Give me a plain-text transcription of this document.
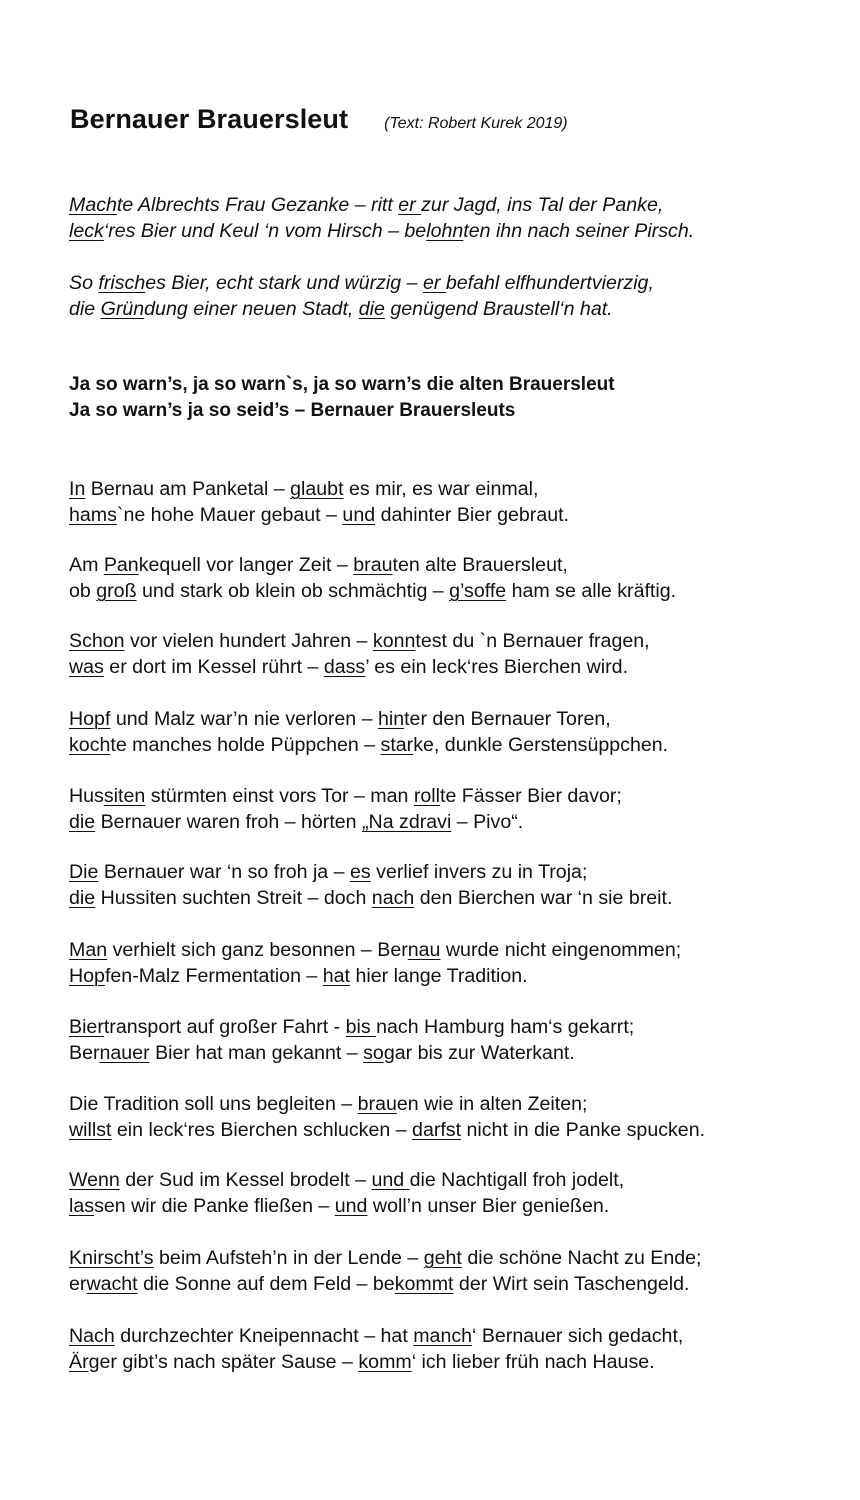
Bernauer Brauersleut (Text: Robert Kurek 2019)
Machte Albrechts Frau Gezanke – ritt er zur Jagd, ins Tal der Panke,
leck‘res Bier und Keul ‘n vom Hirsch – belohnten ihn nach seiner Pirsch.
So frisches Bier, echt stark und würzig – er befahl elfhundertvierzig,
die Gründung einer neuen Stadt, die genügend Braustell‘n hat.
Ja so warn’s, ja so warn`s, ja so warn’s die alten Brauersleut
Ja so warn’s ja so seid’s – Bernauer Brauersleuts
In Bernau am Panketal – glaubt es mir, es war einmal,
hams`ne hohe Mauer gebaut – und dahinter Bier gebraut.
Am Pankequell vor langer Zeit – brauten alte Brauersleut,
ob groß und stark ob klein ob schmächtig – g’soffe ham se alle kräftig.
Schon vor vielen hundert Jahren – konntest du `n Bernauer fragen,
was er dort im Kessel rührt – dass’ es ein leck‘res Bierchen wird.
Hopf und Malz war’n nie verloren – hinter den Bernauer Toren,
kochte manches holde Püppchen – starke, dunkle Gerstensüppchen.
Hussiten stürmten einst vors Tor – man rollte Fässer Bier davor;
die Bernauer waren froh – hörten „Na zdravi – Pivo“.
Die Bernauer war ‘n so froh ja – es verlief invers zu in Troja;
die Hussiten suchten Streit – doch nach den Bierchen war ‘n sie breit.
Man verhielt sich ganz besonnen – Bernau wurde nicht eingenommen;
Hopfen-Malz Fermentation – hat hier lange Tradition.
Biertransport auf großer Fahrt - bis nach Hamburg ham‘s gekarrt;
Bernauer Bier hat man gekannt – sogar bis zur Waterkant.
Die Tradition soll uns begleiten – brauen wie in alten Zeiten;
willst ein leck‘res Bierchen schlucken – darfst nicht in die Panke spucken.
Wenn der Sud im Kessel brodelt – und die Nachtigall froh jodelt,
lassen wir die Panke fließen – und woll’n unser Bier genießen.
Knirscht’s beim Aufsteh’n in der Lende – geht die schöne Nacht zu Ende;
erwacht die Sonne auf dem Feld – bekommt der Wirt sein Taschengeld.
Nach durchzechter Kneipennacht – hat manch‘ Bernauer sich gedacht,
Ärger gibt’s nach später Sause – komm‘ ich lieber früh nach Hause.
